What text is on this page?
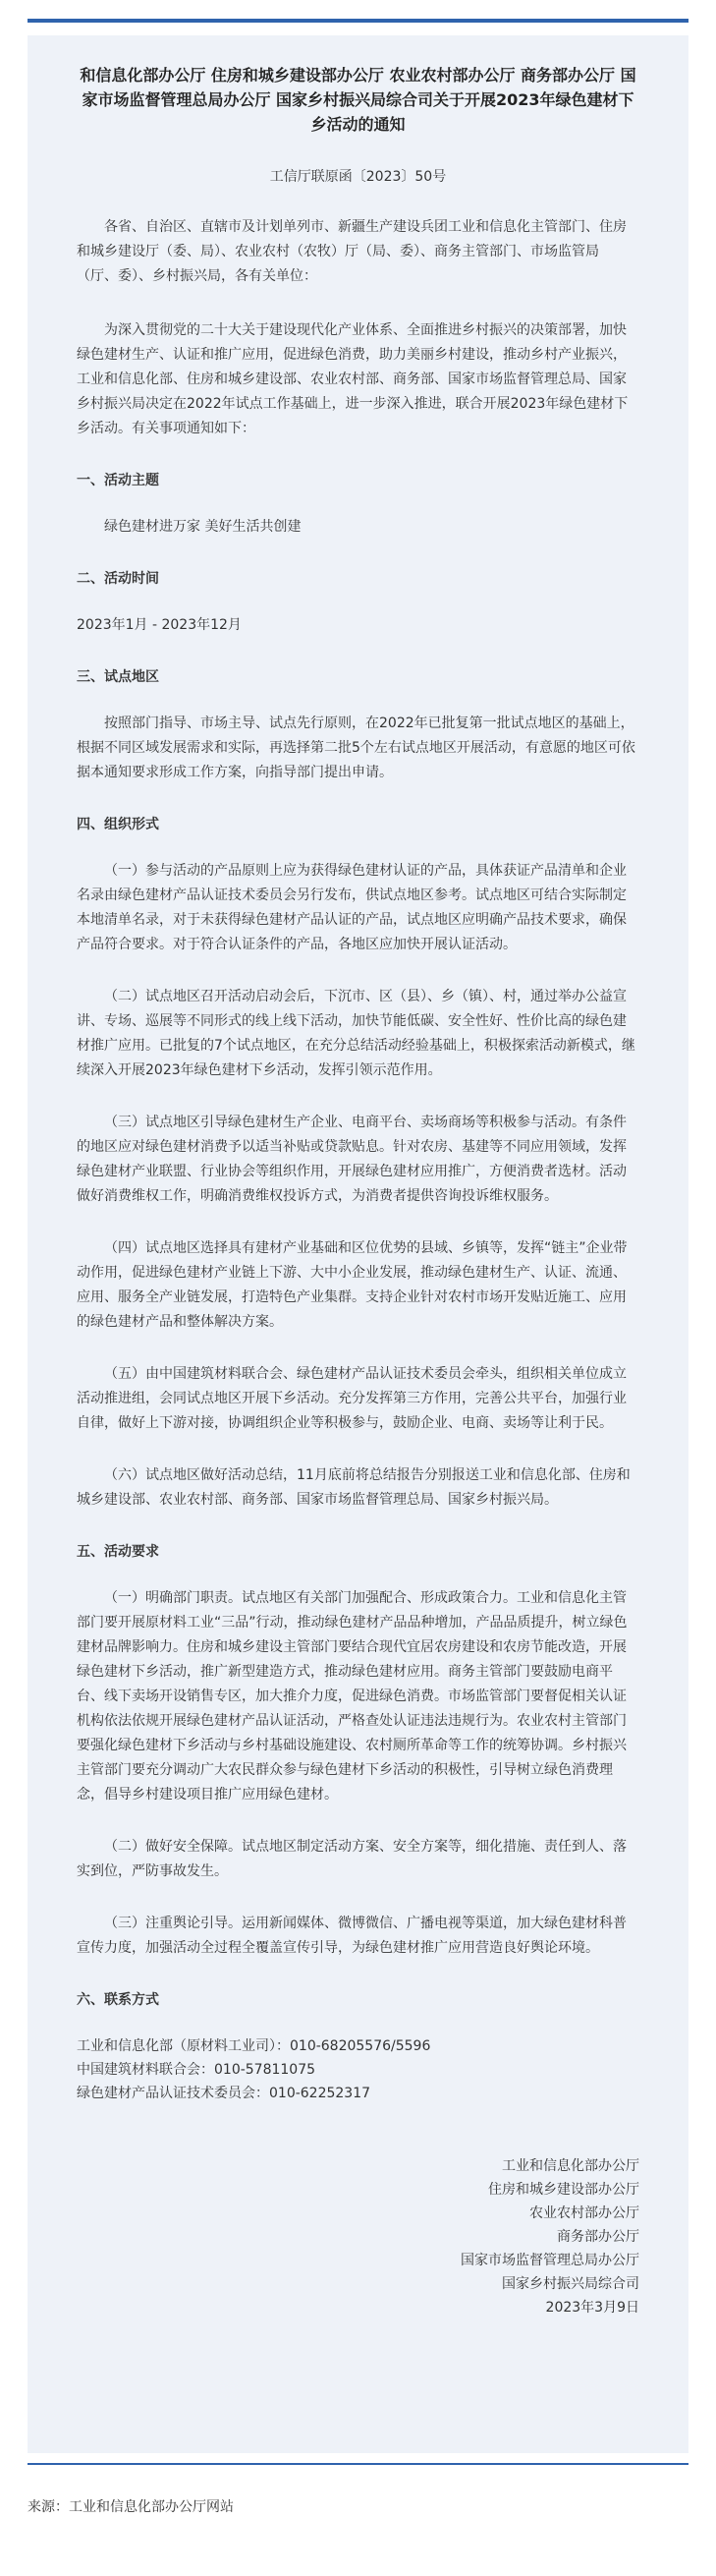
和信息化部办公厅 住房和城乡建设部办公厅 农业农村部办公厅 商务部办公厅 国家市场监督管理总局办公厅 国家乡村振兴局综合司关于开展2023年绿色建材下乡活动的通知
工信厅联原函〔2023〕50号

各省、自治区、直辖市及计划单列市、新疆生产建设兵团工业和信息化主管部门、住房和城乡建设厅（委、局）、农业农村（农牧）厅（局、委）、商务主管部门、市场监管局（厅、委）、乡村振兴局，各有关单位：

为深入贯彻党的二十大关于建设现代化产业体系、全面推进乡村振兴的决策部署，加快绿色建材生产、认证和推广应用，促进绿色消费，助力美丽乡村建设，推动乡村产业振兴，工业和信息化部、住房和城乡建设部、农业农村部、商务部、国家市场监督管理总局、国家乡村振兴局决定在2022年试点工作基础上，进一步深入推进，联合开展2023年绿色建材下乡活动。有关事项通知如下：

一、活动主题

绿色建材进万家 美好生活共创建

二、活动时间

2023年1月 - 2023年12月

三、试点地区

按照部门指导、市场主导、试点先行原则，在2022年已批复第一批试点地区的基础上，根据不同区域发展需求和实际，再选择第二批5个左右试点地区开展活动，有意愿的地区可依据本通知要求形成工作方案，向指导部门提出申请。

四、组织形式

（一）参与活动的产品原则上应为获得绿色建材认证的产品，具体获证产品清单和企业名录由绿色建材产品认证技术委员会另行发布，供试点地区参考。试点地区可结合实际制定本地清单名录，对于未获得绿色建材产品认证的产品，试点地区应明确产品技术要求，确保产品符合要求。对于符合认证条件的产品，各地区应加快开展认证活动。

（二）试点地区召开活动启动会后，下沉市、区（县）、乡（镇）、村，通过举办公益宣讲、专场、巡展等不同形式的线上线下活动，加快节能低碳、安全性好、性价比高的绿色建材推广应用。已批复的7个试点地区，在充分总结活动经验基础上，积极探索活动新模式，继续深入开展2023年绿色建材下乡活动，发挥引领示范作用。

（三）试点地区引导绿色建材生产企业、电商平台、卖场商场等积极参与活动。有条件的地区应对绿色建材消费予以适当补贴或贷款贴息。针对农房、基建等不同应用领域，发挥绿色建材产业联盟、行业协会等组织作用，开展绿色建材应用推广，方便消费者选材。活动做好消费维权工作，明确消费维权投诉方式，为消费者提供咨询投诉维权服务。

（四）试点地区选择具有建材产业基础和区位优势的县域、乡镇等，发挥“链主”企业带动作用，促进绿色建材产业链上下游、大中小企业发展，推动绿色建材生产、认证、流通、应用、服务全产业链发展，打造特色产业集群。支持企业针对农村市场开发贴近施工、应用的绿色建材产品和整体解决方案。

（五）由中国建筑材料联合会、绿色建材产品认证技术委员会牵头，组织相关单位成立活动推进组，会同试点地区开展下乡活动。充分发挥第三方作用，完善公共平台，加强行业自律，做好上下游对接，协调组织企业等积极参与，鼓励企业、电商、卖场等让利于民。

（六）试点地区做好活动总结，11月底前将总结报告分别报送工业和信息化部、住房和城乡建设部、农业农村部、商务部、国家市场监督管理总局、国家乡村振兴局。

五、活动要求

（一）明确部门职责。试点地区有关部门加强配合、形成政策合力。工业和信息化主管部门要开展原材料工业“三品”行动，推动绿色建材产品品种增加，产品品质提升，树立绿色建材品牌影响力。住房和城乡建设主管部门要结合现代宜居农房建设和农房节能改造，开展绿色建材下乡活动，推广新型建造方式，推动绿色建材应用。商务主管部门要鼓励电商平台、线下卖场开设销售专区，加大推介力度，促进绿色消费。市场监管部门要督促相关认证机构依法依规开展绿色建材产品认证活动，严格查处认证违法违规行为。农业农村主管部门要强化绿色建材下乡活动与乡村基础设施建设、农村厕所革命等工作的统筹协调。乡村振兴主管部门要充分调动广大农民群众参与绿色建材下乡活动的积极性，引导树立绿色消费理念，倡导乡村建设项目推广应用绿色建材。

（二）做好安全保障。试点地区制定活动方案、安全方案等，细化措施、责任到人、落实到位，严防事故发生。

（三）注重舆论引导。运用新闻媒体、微博微信、广播电视等渠道，加大绿色建材科普宣传力度，加强活动全过程全覆盖宣传引导，为绿色建材推广应用营造良好舆论环境。

六、联系方式

工业和信息化部（原材料工业司）：010-68205576/5596

中国建筑材料联合会：010-57811075

绿色建材产品认证技术委员会：010-62252317

工业和信息化部办公厅

住房和城乡建设部办公厅

农业农村部办公厅

商务部办公厅

国家市场监督管理总局办公厅

国家乡村振兴局综合司

2023年3月9日

来源：工业和信息化部办公厅网站
